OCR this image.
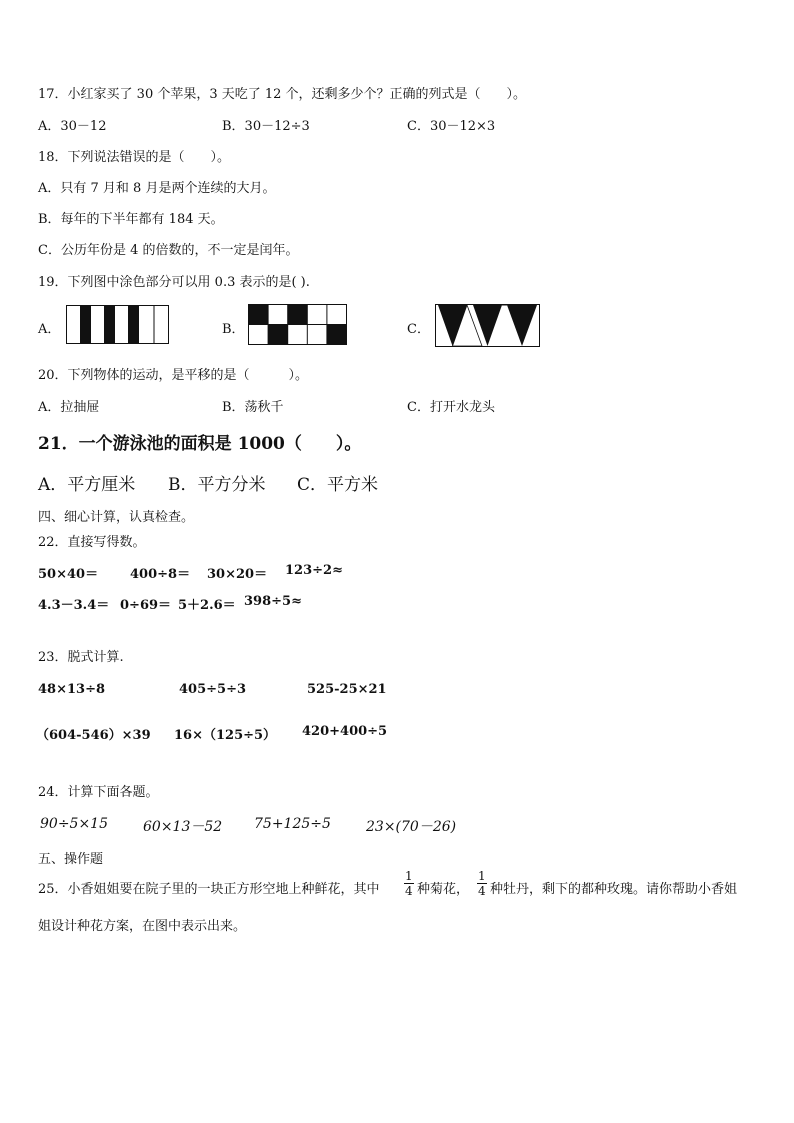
17．小红家买了 30 个苹果，3 天吃了 12 个，还剩多少个？正确的列式是（　　）。
A．30－12	B．30－12÷3	C．30－12×3
18．下列说法错误的是（　　）。
A．只有 7 月和 8 月是两个连续的大月。
B．每年的下半年都有 184 天。
C．公历年份是 4 的倍数的，不一定是闰年。
19．下列图中涂色部分可以用 0.3 表示的是( ).
A．	B．	C．
20．下列物体的运动，是平移的是（　　　）。
A．拉抽屉	B．荡秋千	C．打开水龙头
21．一个游泳池的面积是 1000（　　）。
A．平方厘米 B．平方分米 C．平方米
四、细心计算，认真检查。
22．直接写得数。
50×40＝ 400÷8＝ 30×20＝ 123÷2≈
4.3－3.4＝ 0÷69＝ 5＋2.6＝ 398÷5≈
23．脱式计算.
48×13÷8	405÷5÷3	525-25×21
（604-546）×39 16×（125÷5） 420+400÷5
24．计算下面各题。
90÷5×15	60×13－52 75+125÷5	23×(70－26)
五、操作题
25．小香姐姐要在院子里的一块正方形空地上种鲜花，其中 $\frac{1}{4}$ 种菊花， $\frac{1}{4}$ 种牡丹，剩下的都种玫瑰。请你帮助小香姐
姐设计种花方案，在图中表示出来。
